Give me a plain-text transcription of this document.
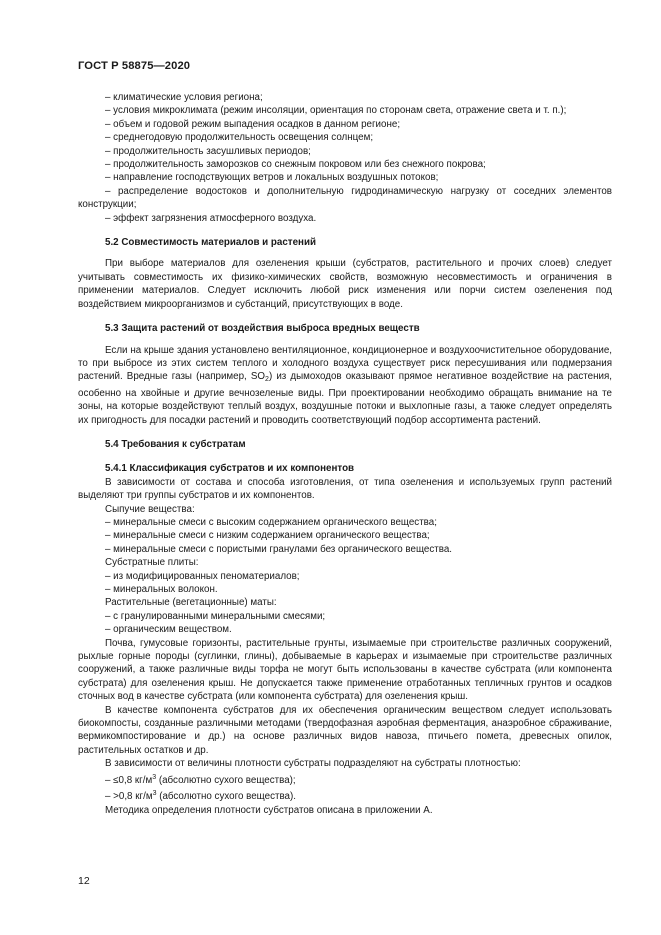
ГОСТ Р 58875—2020

– климатические условия региона;

– условия микроклимата (режим инсоляции, ориентация по сторонам света, отражение света и т. п.);

– объем и годовой режим выпадения осадков в данном регионе;

– среднегодовую продолжительность освещения солнцем;

– продолжительность засушливых периодов;

– продолжительность заморозков со снежным покровом или без снежного покрова;

– направление господствующих ветров и локальных воздушных потоков;

– распределение водостоков и дополнительную гидродинамическую нагрузку от соседних элементов конструкции;

– эффект загрязнения атмосферного воздуха.

5.2 Совместимость материалов и растений

При выборе материалов для озеленения крыши (субстратов, растительного и прочих слоев) следует учитывать совместимость их физико-химических свойств, возможную несовместимость и ограничения в применении материалов. Следует исключить любой риск изменения или порчи систем озеленения под воздействием микроорганизмов и субстанций, присутствующих в воде.

5.3 Защита растений от воздействия выброса вредных веществ

Если на крыше здания установлено вентиляционное, кондиционерное и воздухоочистительное оборудование, то при выбросе из этих систем теплого и холодного воздуха существует риск пересушивания или подмерзания растений. Вредные газы (например, $SO_2$) из дымоходов оказывают прямое негативное воздействие на растения, особенно на хвойные и другие вечнозеленые виды. При проектировании необходимо обращать внимание на те зоны, на которые воздействуют теплый воздух, воздушные потоки и выхлопные газы, а также следует определять их пригодность для посадки растений и проводить соответствующий подбор ассортимента растений.

5.4 Требования к субстратам

5.4.1 Классификация субстратов и их компонентов

В зависимости от состава и способа изготовления, от типа озеленения и используемых групп растений выделяют три группы субстратов и их компонентов.

Сыпучие вещества:

– минеральные смеси с высоким содержанием органического вещества;

– минеральные смеси с низким содержанием органического вещества;

– минеральные смеси с пористыми гранулами без органического вещества.

Субстратные плиты:

– из модифицированных пеноматериалов;

– минеральных волокон.

Растительные (вегетационные) маты:

– с гранулированными минеральными смесями;

– органическим веществом.

Почва, гумусовые горизонты, растительные грунты, изымаемые при строительстве различных сооружений, рыхлые горные породы (суглинки, глины), добываемые в карьерах и изымаемые при строительстве различных сооружений, а также различные виды торфа не могут быть использованы в качестве субстрата (или компонента субстрата) для озеленения крыш. Не допускается также применение отработанных тепличных грунтов и осадков сточных вод в качестве субстрата (или компонента субстрата) для озеленения крыш.

В качестве компонента субстратов для их обеспечения органическим веществом следует использовать биокомпосты, созданные различными методами (твердофазная аэробная ферментация, анаэробное сбраживание, вермикомпостирование и др.) на основе различных видов навоза, птичьего помета, древесных опилок, растительных остатков и др.

В зависимости от величины плотности субстраты подразделяют на субстраты плотностью:

– ≤0,8 $кг/м^3$ (абсолютно сухого вещества);

– >0,8 $кг/м^3$ (абсолютно сухого вещества).

Методика определения плотности субстратов описана в приложении А.

12
